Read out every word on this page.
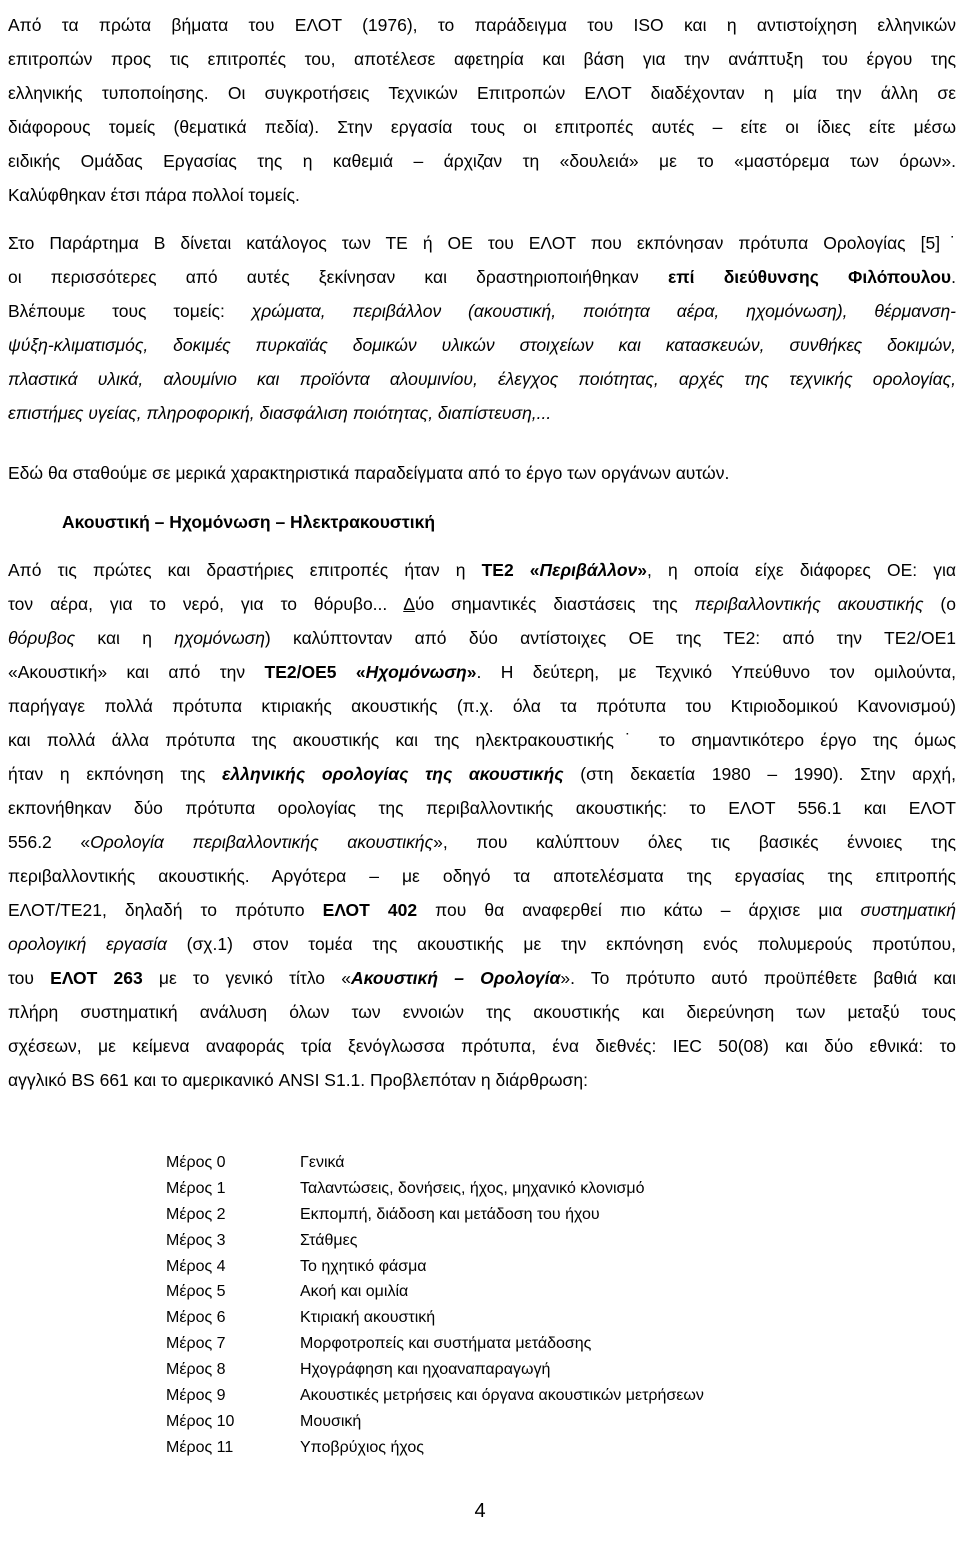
Από τα πρώτα βήματα του ΕΛΟΤ (1976), το παράδειγμα του ISO και η αντιστοίχηση ελληνικών
επιτροπών προς τις επιτροπές του, αποτέλεσε αφετηρία και βάση για την ανάπτυξη του έργου της
ελληνικής τυποποίησης. Οι συγκροτήσεις Τεχνικών Επιτροπών ΕΛΟΤ διαδέχονταν η μία την άλλη σε
διάφορους τομείς (θεματικά πεδία). Στην εργασία τους οι επιτροπές αυτές – είτε οι ίδιες είτε μέσω
ειδικής Ομάδας Εργασίας της η καθεμιά – άρχιζαν τη «δουλειά» με το «μαστόρεμα των όρων».
Καλύφθηκαν έτσι πάρα πολλοί τομείς.
Στο Παράρτημα Β δίνεται κατάλογος των ΤΕ ή ΟΕ του ΕΛΟΤ που εκπόνησαν πρότυπα Ορολογίας [5]˙
οι περισσότερες από αυτές ξεκίνησαν και δραστηριοποιήθηκαν επί διεύθυνσης Φιλόπουλου.
Βλέπουμε τους τομείς: χρώματα, περιβάλλον (ακουστική, ποιότητα αέρα, ηχομόνωση), θέρμανση-
ψύξη-κλιματισμός, δοκιμές πυρκαϊάς δομικών υλικών στοιχείων και κατασκευών, συνθήκες δοκιμών,
πλαστικά υλικά, αλουμίνιο και προϊόντα αλουμινίου, έλεγχος ποιότητας, αρχές της τεχνικής ορολογίας,
επιστήμες υγείας, πληροφορική, διασφάλιση ποιότητας, διαπίστευση,...
Εδώ θα σταθούμε σε μερικά χαρακτηριστικά παραδείγματα από το έργο των οργάνων αυτών.
Ακουστική – Ηχομόνωση – Ηλεκτρακουστική
Από τις πρώτες και δραστήριες επιτροπές ήταν η ΤΕ2 «Περιβάλλον», η οποία είχε διάφορες ΟΕ: για
τον αέρα, για το νερό, για το θόρυβο... Δύο σημαντικές διαστάσεις της περιβαλλοντικής ακουστικής (ο
θόρυβος και η ηχομόνωση) καλύπτονταν από δύο αντίστοιχες ΟΕ της ΤΕ2: από την ΤΕ2/ΟΕ1
«Ακουστική» και από την ΤΕ2/ΟΕ5 «Ηχομόνωση». Η δεύτερη, με Τεχνικό Υπεύθυνο τον ομιλούντα,
παρήγαγε πολλά πρότυπα κτιριακής ακουστικής (π.χ. όλα τα πρότυπα του Κτιριοδομικού Κανονισμού)
και πολλά άλλα πρότυπα της ακουστικής και της ηλεκτρακουστικής˙ το σημαντικότερο έργο της όμως
ήταν η εκπόνηση της ελληνικής ορολογίας της ακουστικής (στη δεκαετία 1980 – 1990). Στην αρχή,
εκπονήθηκαν δύο πρότυπα ορολογίας της περιβαλλοντικής ακουστικής: το ΕΛΟΤ 556.1 και ΕΛΟΤ
556.2 «Ορολογία περιβαλλοντικής ακουστικής», που καλύπτουν όλες τις βασικές έννοιες της
περιβαλλοντικής ακουστικής. Αργότερα – με οδηγό τα αποτελέσματα της εργασίας της επιτροπής
ΕΛΟΤ/ΤΕ21, δηλαδή το πρότυπο ΕΛΟΤ 402 που θα αναφερθεί πιο κάτω – άρχισε μια συστηματική
ορολογική εργασία (σχ.1) στον τομέα της ακουστικής με την εκπόνηση ενός πολυμερούς προτύπου,
του ΕΛΟΤ 263 με το γενικό τίτλο «Ακουστική – Ορολογία». Το πρότυπο αυτό προϋπέθετε βαθιά και
πλήρη συστηματική ανάλυση όλων των εννοιών της ακουστικής και διερεύνηση των μεταξύ τους
σχέσεων, με κείμενα αναφοράς τρία ξενόγλωσσα πρότυπα, ένα διεθνές: IEC 50(08) και δύο εθνικά: το
αγγλικό BS 661 και το αμερικανικό ANSI S1.1. Προβλεπόταν η διάρθρωση:
Μέρος 0	Γενικά
Μέρος 1	Ταλαντώσεις, δονήσεις, ήχος, μηχανικό κλονισμό
Μέρος 2	Εκπομπή, διάδοση και μετάδοση του ήχου
Μέρος 3	Στάθμες
Μέρος 4	Το ηχητικό φάσμα
Μέρος 5	Ακοή και ομιλία
Μέρος 6	Κτιριακή ακουστική
Μέρος 7	Μορφοτροπείς και συστήματα μετάδοσης
Μέρος 8	Ηχογράφηση και ηχοαναπαραγωγή
Μέρος 9	Ακουστικές μετρήσεις και όργανα ακουστικών μετρήσεων
Μέρος 10	Μουσική
Μέρος 11	Υποβρύχιος ήχος
4
